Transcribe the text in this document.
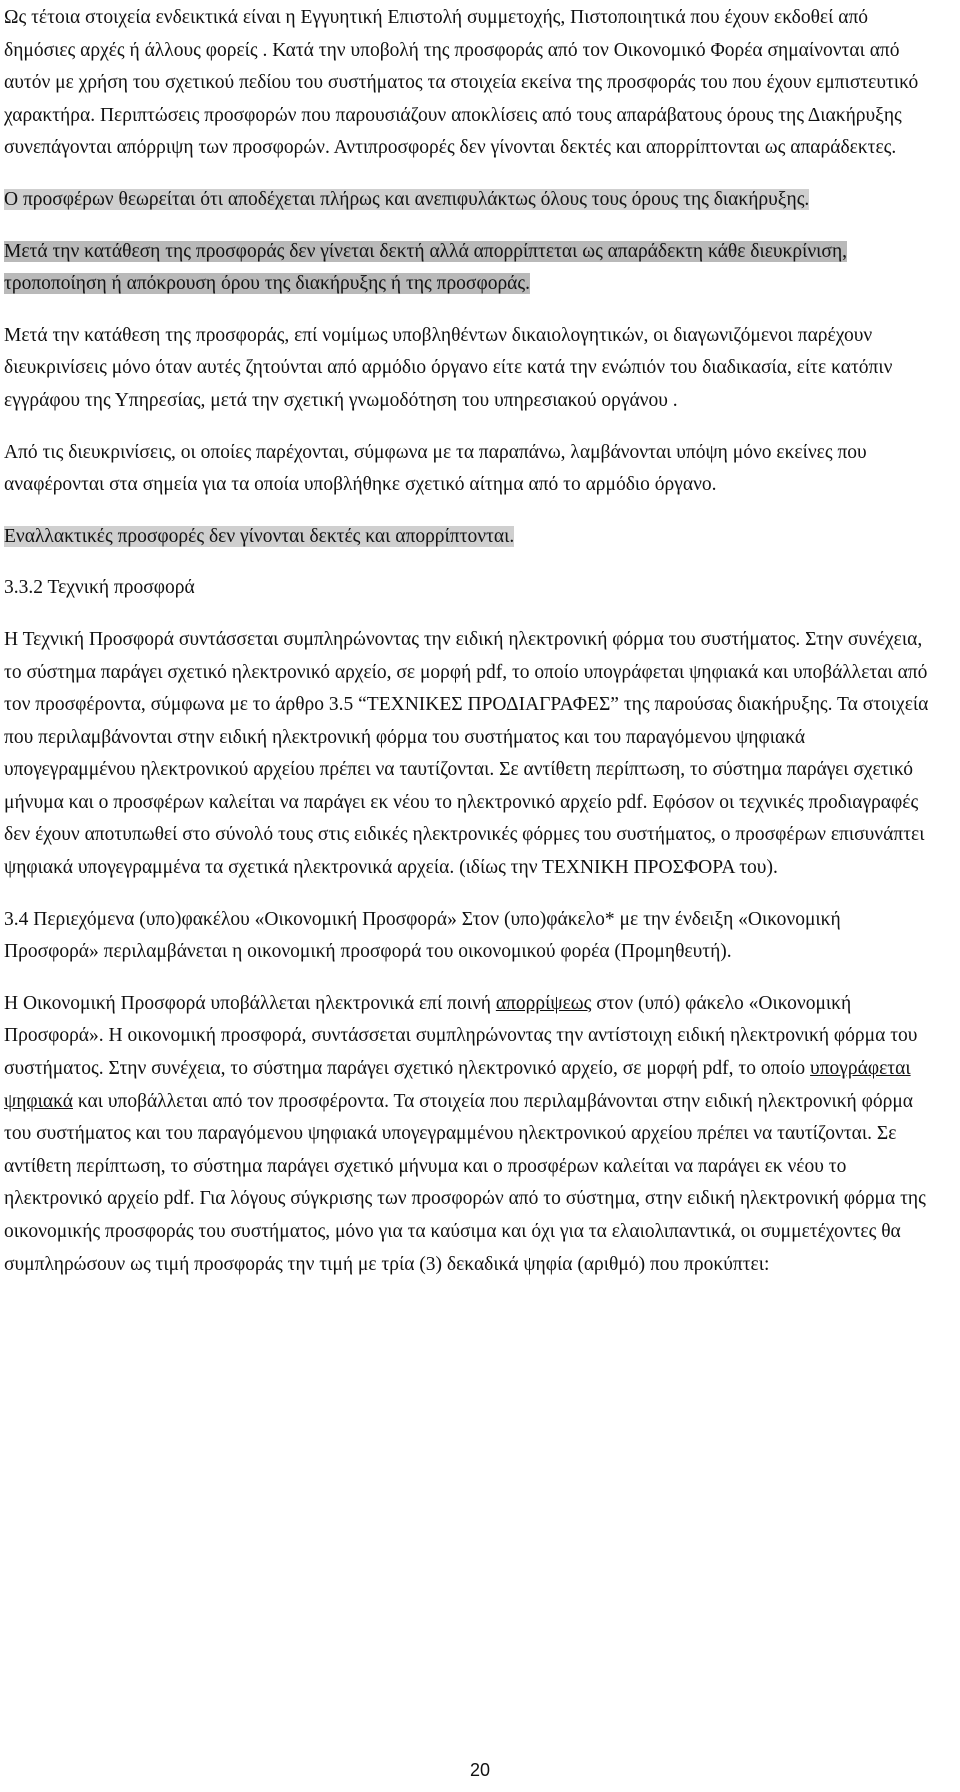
Ως τέτοια στοιχεία ενδεικτικά είναι η Εγγυητική Επιστολή συμμετοχής, Πιστοποιητικά που έχουν εκδοθεί από δημόσιες αρχές ή άλλους φορείς . Κατά την υποβολή της προσφοράς από τον Οικονομικό Φορέα σημαίνονται από αυτόν με χρήση του σχετικού πεδίου του συστήματος τα στοιχεία εκείνα της προσφοράς του που έχουν εμπιστευτικό χαρακτήρα. Περιπτώσεις προσφορών που παρουσιάζουν αποκλίσεις από τους απαράβατους όρους της Διακήρυξης συνεπάγονται απόρριψη των προσφορών. Αντιπροσφορές δεν γίνονται δεκτές και απορρίπτονται ως απαράδεκτες.

Ο προσφέρων θεωρείται ότι αποδέχεται πλήρως και ανεπιφυλάκτως όλους τους όρους της διακήρυξης.

Μετά την κατάθεση της προσφοράς δεν γίνεται δεκτή αλλά απορρίπτεται ως απαράδεκτη κάθε διευκρίνιση, τροποποίηση ή απόκρουση όρου της διακήρυξης ή της προσφοράς.

Μετά την κατάθεση της προσφοράς, επί νομίμως υποβληθέντων δικαιολογητικών, οι διαγωνιζόμενοι παρέχουν διευκρινίσεις μόνο όταν αυτές ζητούνται από αρμόδιο όργανο είτε κατά την ενώπιόν του διαδικασία, είτε κατόπιν εγγράφου της Υπηρεσίας, μετά την σχετική γνωμοδότηση του υπηρεσιακού οργάνου .

Από τις διευκρινίσεις, οι οποίες παρέχονται, σύμφωνα με τα παραπάνω, λαμβάνονται υπόψη μόνο εκείνες που αναφέρονται στα σημεία για τα οποία υποβλήθηκε σχετικό αίτημα από το αρμόδιο όργανο.

Εναλλακτικές προσφορές δεν γίνονται δεκτές και απορρίπτονται.

3.3.2 Τεχνική προσφορά

Η Τεχνική Προσφορά συντάσσεται συμπληρώνοντας την ειδική ηλεκτρονική φόρμα του συστήματος. Στην συνέχεια, το σύστημα παράγει σχετικό ηλεκτρονικό αρχείο, σε μορφή pdf, το οποίο υπογράφεται ψηφιακά και υποβάλλεται από τον προσφέροντα, σύμφωνα με το άρθρο 3.5 “ΤΕΧΝΙΚΕΣ ΠΡΟΔΙΑΓΡΑΦΕΣ” της παρούσας διακήρυξης. Τα στοιχεία που περιλαμβάνονται στην ειδική ηλεκτρονική φόρμα του συστήματος και του παραγόμενου ψηφιακά υπογεγραμμένου ηλεκτρονικού αρχείου πρέπει να ταυτίζονται. Σε αντίθετη περίπτωση, το σύστημα παράγει σχετικό μήνυμα και ο προσφέρων καλείται να παράγει εκ νέου το ηλεκτρονικό αρχείο pdf. Εφόσον οι τεχνικές προδιαγραφές δεν έχουν αποτυπωθεί στο σύνολό τους στις ειδικές ηλεκτρονικές φόρμες του συστήματος, ο προσφέρων επισυνάπτει ψηφιακά υπογεγραμμένα τα σχετικά ηλεκτρονικά αρχεία. (ιδίως την ΤΕΧΝΙΚΗ ΠΡΟΣΦΟΡΑ του).

3.4 Περιεχόμενα (υπο)φακέλου «Οικονομική Προσφορά» Στον (υπο)φάκελο* με την ένδειξη «Οικονομική Προσφορά» περιλαμβάνεται η οικονομική προσφορά του οικονομικού φορέα (Προμηθευτή).

Η Οικονομική Προσφορά υποβάλλεται ηλεκτρονικά επί ποινή απορρίψεως στον (υπό) φάκελο «Οικονομική Προσφορά». Η οικονομική προσφορά, συντάσσεται συμπληρώνοντας την αντίστοιχη ειδική ηλεκτρονική φόρμα του συστήματος. Στην συνέχεια, το σύστημα παράγει σχετικό ηλεκτρονικό αρχείο, σε μορφή pdf, το οποίο υπογράφεται ψηφιακά και υποβάλλεται από τον προσφέροντα. Τα στοιχεία που περιλαμβάνονται στην ειδική ηλεκτρονική φόρμα του συστήματος και του παραγόμενου ψηφιακά υπογεγραμμένου ηλεκτρονικού αρχείου πρέπει να ταυτίζονται. Σε αντίθετη περίπτωση, το σύστημα παράγει σχετικό μήνυμα και ο προσφέρων καλείται να παράγει εκ νέου το ηλεκτρονικό αρχείο pdf. Για λόγους σύγκρισης των προσφορών από το σύστημα, στην ειδική ηλεκτρονική φόρμα της οικονομικής προσφοράς του συστήματος, μόνο για τα καύσιμα και όχι για τα ελαιολιπαντικά, οι συμμετέχοντες θα συμπληρώσουν ως τιμή προσφοράς την τιμή με τρία (3) δεκαδικά ψηφία (αριθμό) που προκύπτει:

20
